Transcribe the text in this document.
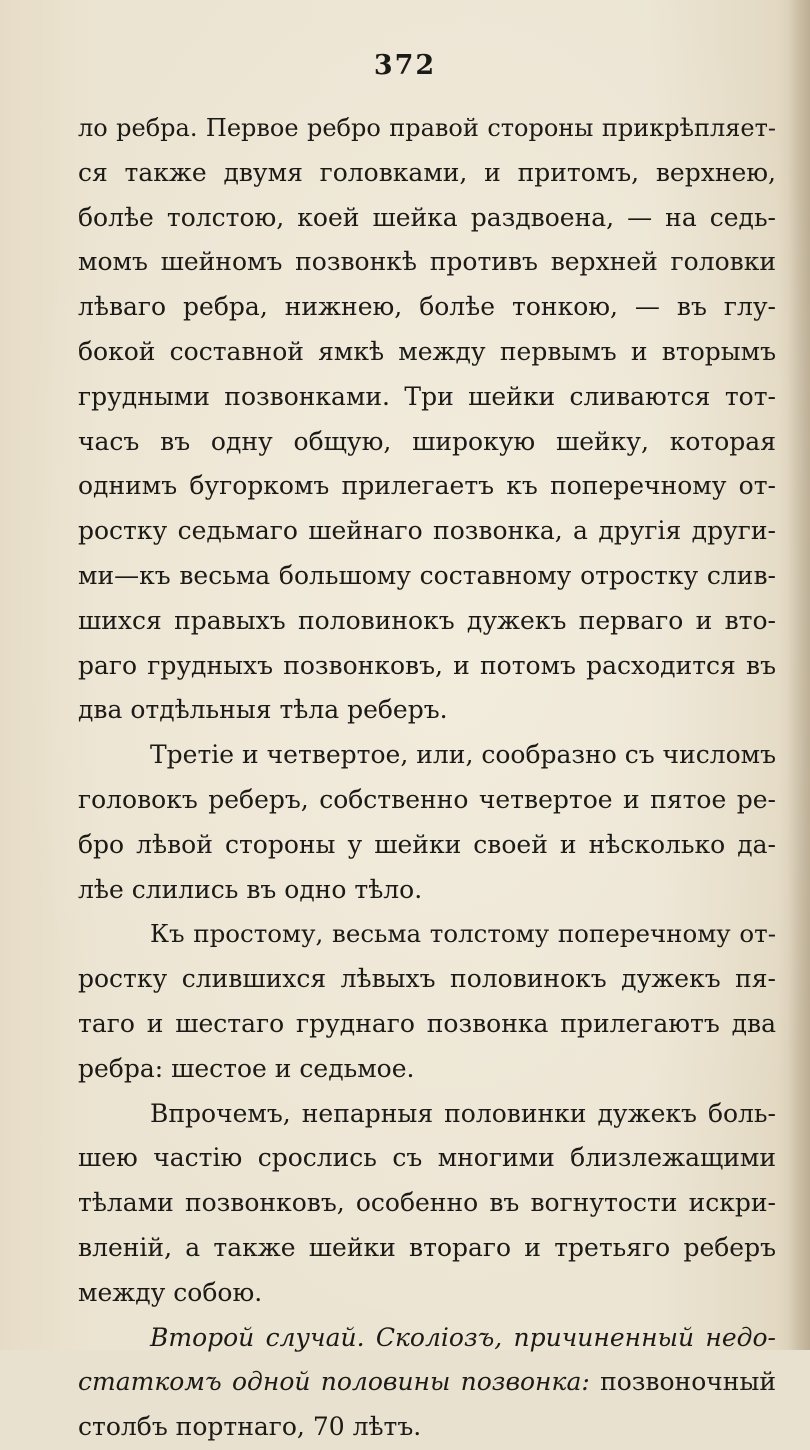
372
ло ребра. Первое ребро правой стороны прикрѣпляет-
ся также двумя головками, и притомъ, верхнею,
болѣе толстою, коей шейка раздвоена, — на седь-
момъ шейномъ позвонкѣ противъ верхней головки
лѣваго ребра, нижнею, болѣе тонкою, — въ глу-
бокой составной ямкѣ между первымъ и вторымъ
грудными позвонками. Три шейки сливаются тот-
часъ въ одну общую, широкую шейку, которая
однимъ бугоркомъ прилегаетъ къ поперечному от-
ростку седьмаго шейнаго позвонка, а другія други-
ми—къ весьма большому составному отростку слив-
шихся правыхъ половинокъ дужекъ перваго и вто-
раго грудныхъ позвонковъ, и потомъ расходится въ
два отдѣльныя тѣла реберъ.
Третіе и четвертое, или, сообразно съ числомъ
головокъ реберъ, собственно четвертое и пятое ре-
бро лѣвой стороны у шейки своей и нѣсколько да-
лѣе слились въ одно тѣло.
Къ простому, весьма толстому поперечному от-
ростку слившихся лѣвыхъ половинокъ дужекъ пя-
таго и шестаго груднаго позвонка прилегаютъ два
ребра: шестое и седьмое.
Впрочемъ, непарныя половинки дужекъ боль-
шею частію срослись съ многими близлежащими
тѣлами позвонковъ, особенно въ вогнутости искри-
вленій, а также шейки втораго и третьяго реберъ
между собою.
Второй случай. Сколіозъ, причиненный недо-
статкомъ одной половины позвонка: позвоночный
столбъ портнаго, 70 лѣтъ.
